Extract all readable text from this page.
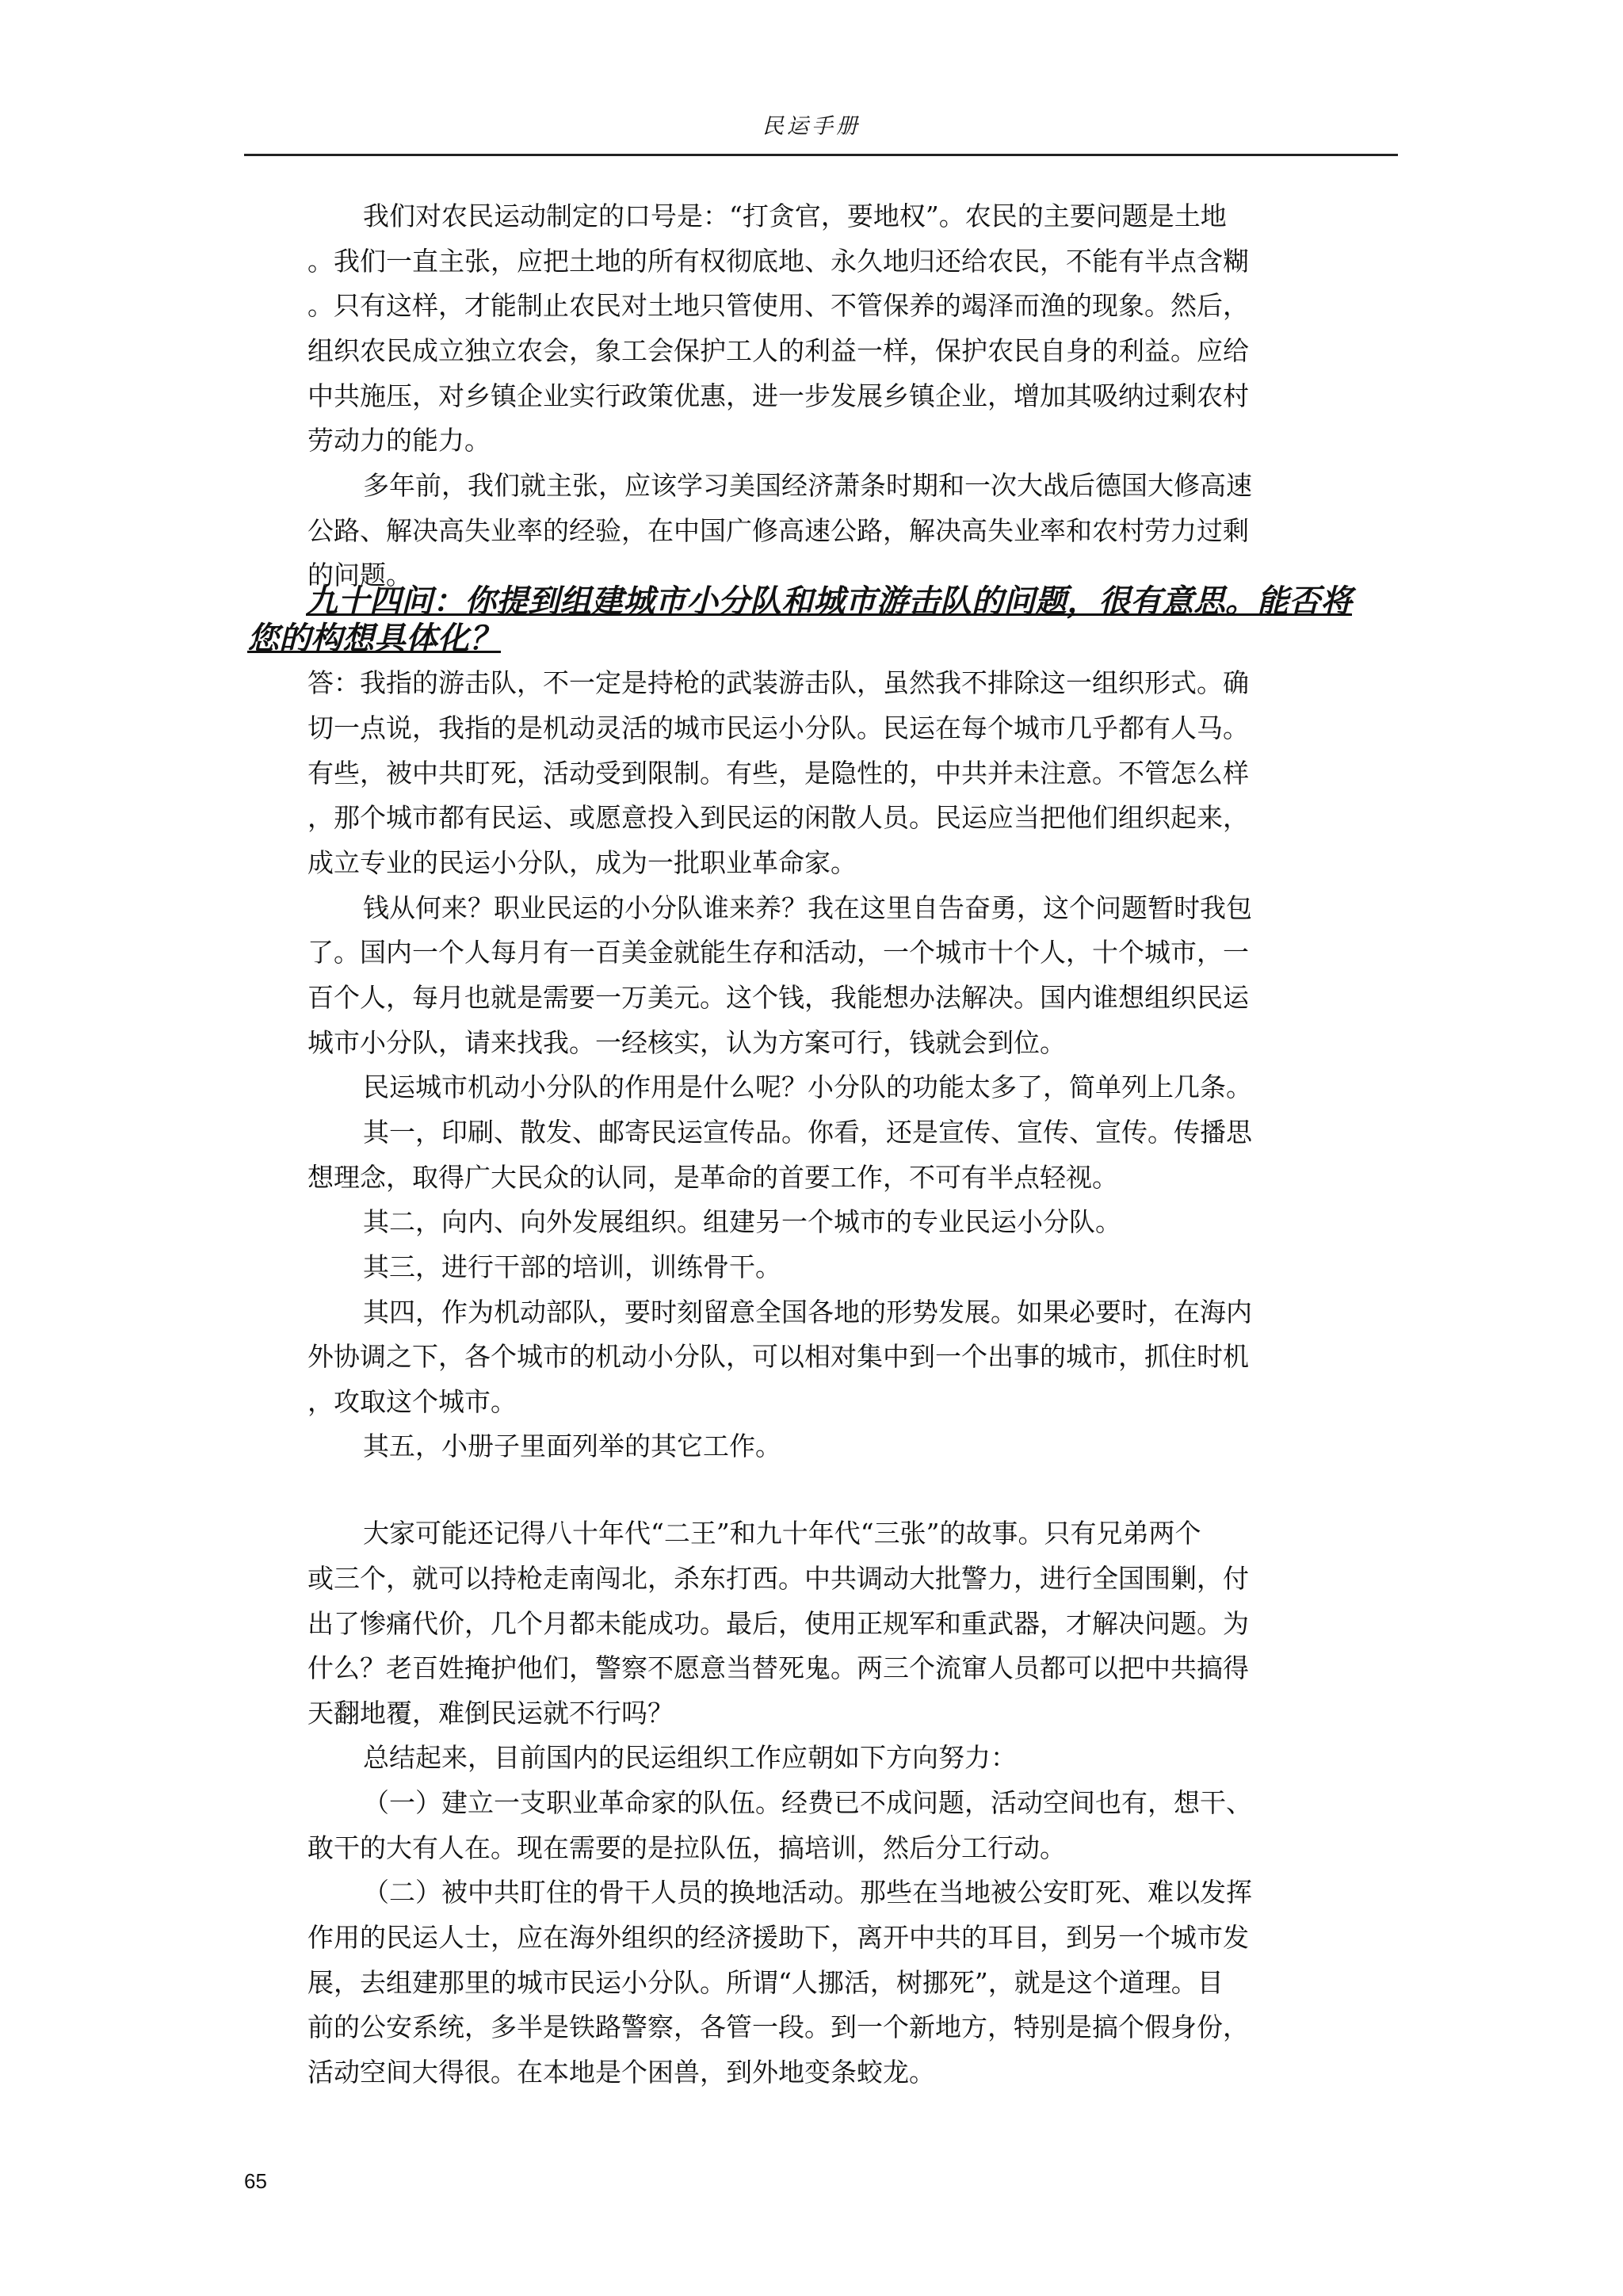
民运手册
我们对农民运动制定的口号是：“打贪官，要地权”。农民的主要问题是土地
。我们一直主张，应把土地的所有权彻底地、永久地归还给农民，不能有半点含糊
。只有这样，才能制止农民对土地只管使用、不管保养的竭泽而渔的现象。然后，
组织农民成立独立农会，象工会保护工人的利益一样，保护农民自身的利益。应给
中共施压，对乡镇企业实行政策优惠，进一步发展乡镇企业，增加其吸纳过剩农村
劳动力的能力。
多年前，我们就主张，应该学习美国经济萧条时期和一次大战后德国大修高速
公路、解决高失业率的经验，在中国广修高速公路，解决高失业率和农村劳力过剩
的问题。
九十四问：你提到组建城市小分队和城市游击队的问题，很有意思。能否将
您的构想具体化？
答：我指的游击队，不一定是持枪的武装游击队，虽然我不排除这一组织形式。确
切一点说，我指的是机动灵活的城市民运小分队。民运在每个城市几乎都有人马。
有些，被中共盯死，活动受到限制。有些，是隐性的，中共并未注意。不管怎么样
，那个城市都有民运、或愿意投入到民运的闲散人员。民运应当把他们组织起来，
成立专业的民运小分队，成为一批职业革命家。
钱从何来？职业民运的小分队谁来养？我在这里自告奋勇，这个问题暂时我包
了。国内一个人每月有一百美金就能生存和活动，一个城市十个人，十个城市，一
百个人，每月也就是需要一万美元。这个钱，我能想办法解决。国内谁想组织民运
城市小分队，请来找我。一经核实，认为方案可行，钱就会到位。
民运城市机动小分队的作用是什么呢？小分队的功能太多了，简单列上几条。
其一，印刷、散发、邮寄民运宣传品。你看，还是宣传、宣传、宣传。传播思
想理念，取得广大民众的认同，是革命的首要工作，不可有半点轻视。
其二，向内、向外发展组织。组建另一个城市的专业民运小分队。
其三，进行干部的培训，训练骨干。
其四，作为机动部队，要时刻留意全国各地的形势发展。如果必要时，在海内
外协调之下，各个城市的机动小分队，可以相对集中到一个出事的城市，抓住时机
，攻取这个城市。
其五，小册子里面列举的其它工作。
大家可能还记得八十年代“二王”和九十年代“三张”的故事。只有兄弟两个
或三个，就可以持枪走南闯北，杀东打西。中共调动大批警力，进行全国围剿，付
出了惨痛代价，几个月都未能成功。最后，使用正规军和重武器，才解决问题。为
什么？老百姓掩护他们，警察不愿意当替死鬼。两三个流窜人员都可以把中共搞得
天翻地覆，难倒民运就不行吗？
总结起来，目前国内的民运组织工作应朝如下方向努力：
（一）建立一支职业革命家的队伍。经费已不成问题，活动空间也有，想干、
敢干的大有人在。现在需要的是拉队伍，搞培训，然后分工行动。
（二）被中共盯住的骨干人员的换地活动。那些在当地被公安盯死、难以发挥
作用的民运人士，应在海外组织的经济援助下，离开中共的耳目，到另一个城市发
展，去组建那里的城市民运小分队。所谓“人挪活，树挪死”，就是这个道理。目
前的公安系统，多半是铁路警察，各管一段。到一个新地方，特别是搞个假身份，
活动空间大得很。在本地是个困兽，到外地变条蛟龙。
65
